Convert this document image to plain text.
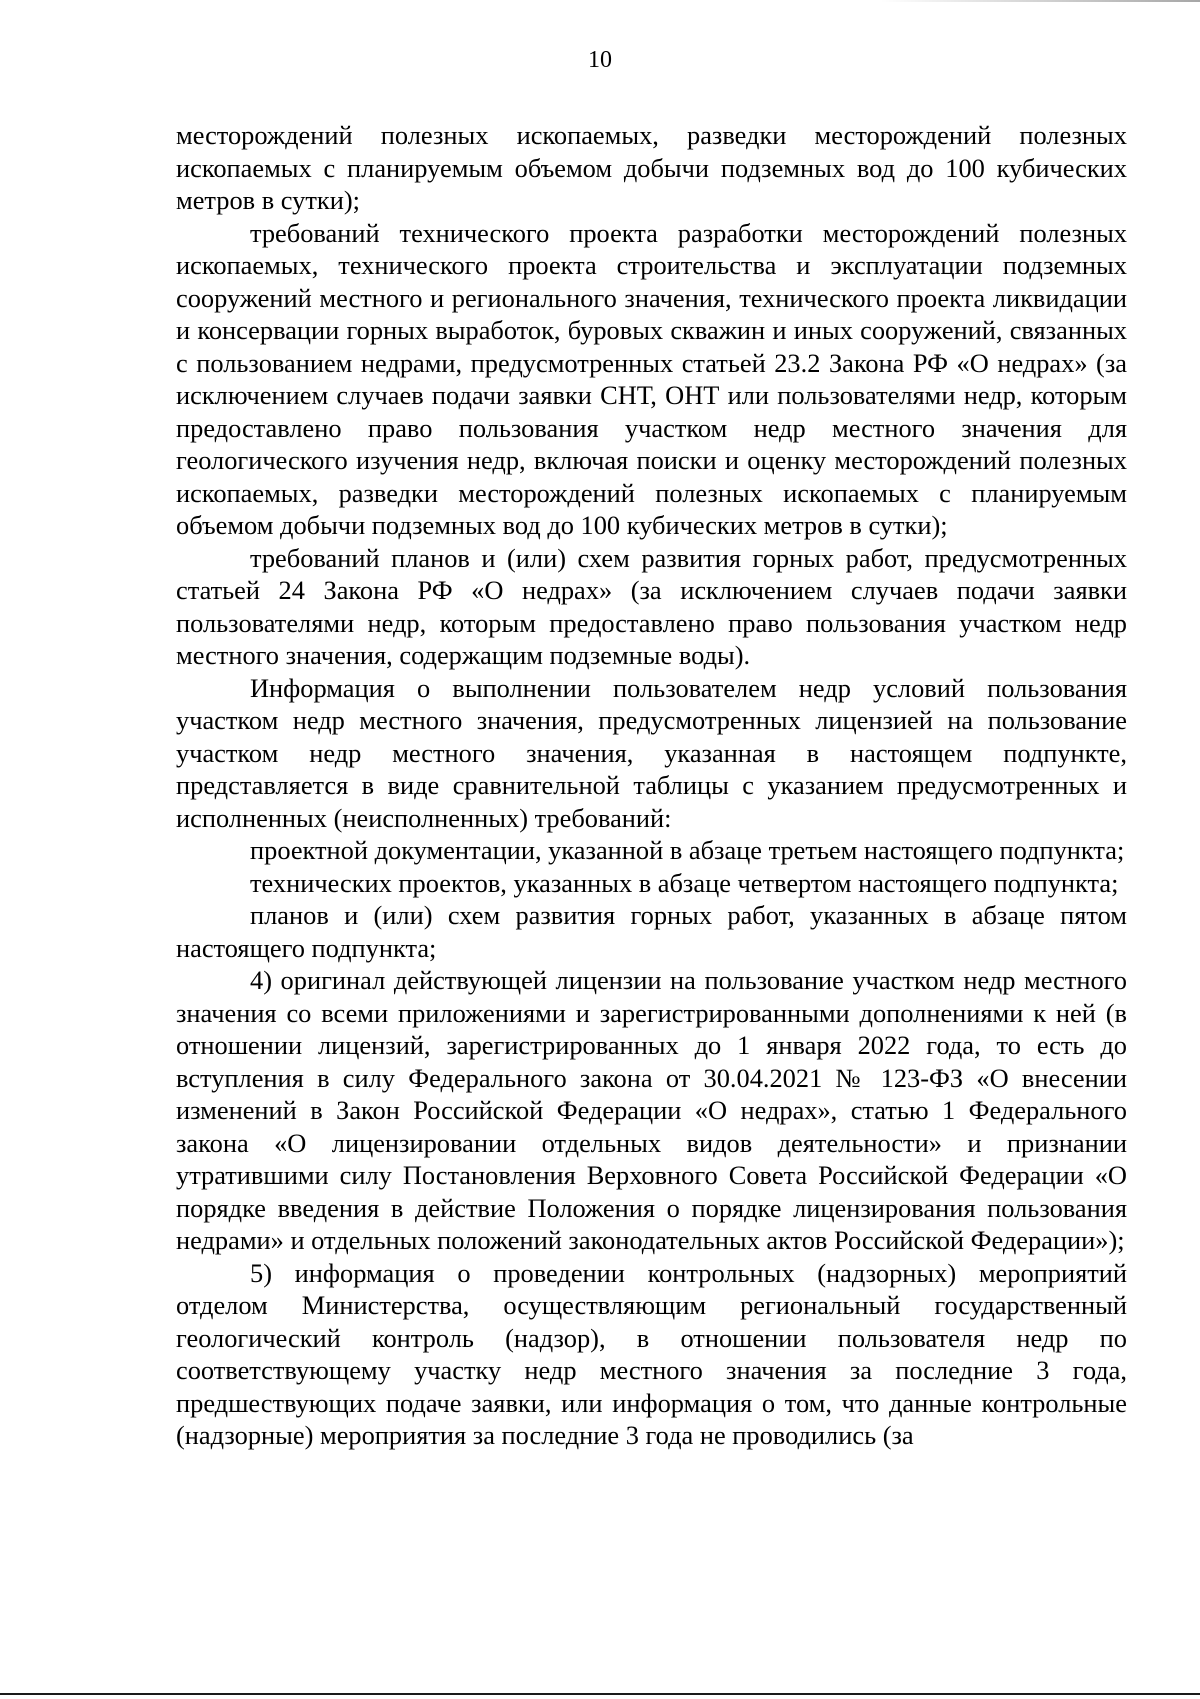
10

месторождений полезных ископаемых, разведки месторождений полезных ископаемых с планируемым объемом добычи подземных вод до 100 кубических метров в сутки);

требований технического проекта разработки месторождений полезных ископаемых, технического проекта строительства и эксплуатации подземных сооружений местного и регионального значения, технического проекта ликвидации и консервации горных выработок, буровых скважин и иных сооружений, связанных с пользованием недрами, предусмотренных статьей 23.2 Закона РФ «О недрах» (за исключением случаев подачи заявки СНТ, ОНТ или пользователями недр, которым предоставлено право пользования участком недр местного значения для геологического изучения недр, включая поиски и оценку месторождений полезных ископаемых, разведки месторождений полезных ископаемых с планируемым объемом добычи подземных вод до 100 кубических метров в сутки);

требований планов и (или) схем развития горных работ, предусмотренных статьей 24 Закона РФ «О недрах» (за исключением случаев подачи заявки пользователями недр, которым предоставлено право пользования участком недр местного значения, содержащим подземные воды).

Информация о выполнении пользователем недр условий пользования участком недр местного значения, предусмотренных лицензией на пользование участком недр местного значения, указанная в настоящем подпункте, представляется в виде сравнительной таблицы с указанием предусмотренных и исполненных (неисполненных) требований:

проектной документации, указанной в абзаце третьем настоящего подпункта;

технических проектов, указанных в абзаце четвертом настоящего подпункта;

планов и (или) схем развития горных работ, указанных в абзаце пятом настоящего подпункта;

4) оригинал действующей лицензии на пользование участком недр местного значения со всеми приложениями и зарегистрированными дополнениями к ней (в отношении лицензий, зарегистрированных до 1 января 2022 года, то есть до вступления в силу Федерального закона от 30.04.2021 № 123-ФЗ «О внесении изменений в Закон Российской Федерации «О недрах», статью 1 Федерального закона «О лицензировании отдельных видов деятельности» и признании утратившими силу Постановления Верховного Совета Российской Федерации «О порядке введения в действие Положения о порядке лицензирования пользования недрами» и отдельных положений законодательных актов Российской Федерации»);

5) информация о проведении контрольных (надзорных) мероприятий отделом Министерства, осуществляющим региональный государственный геологический контроль (надзор), в отношении пользователя недр по соответствующему участку недр местного значения за последние 3 года, предшествующих подаче заявки, или информация о том, что данные контрольные (надзорные) мероприятия за последние 3 года не проводились (за
